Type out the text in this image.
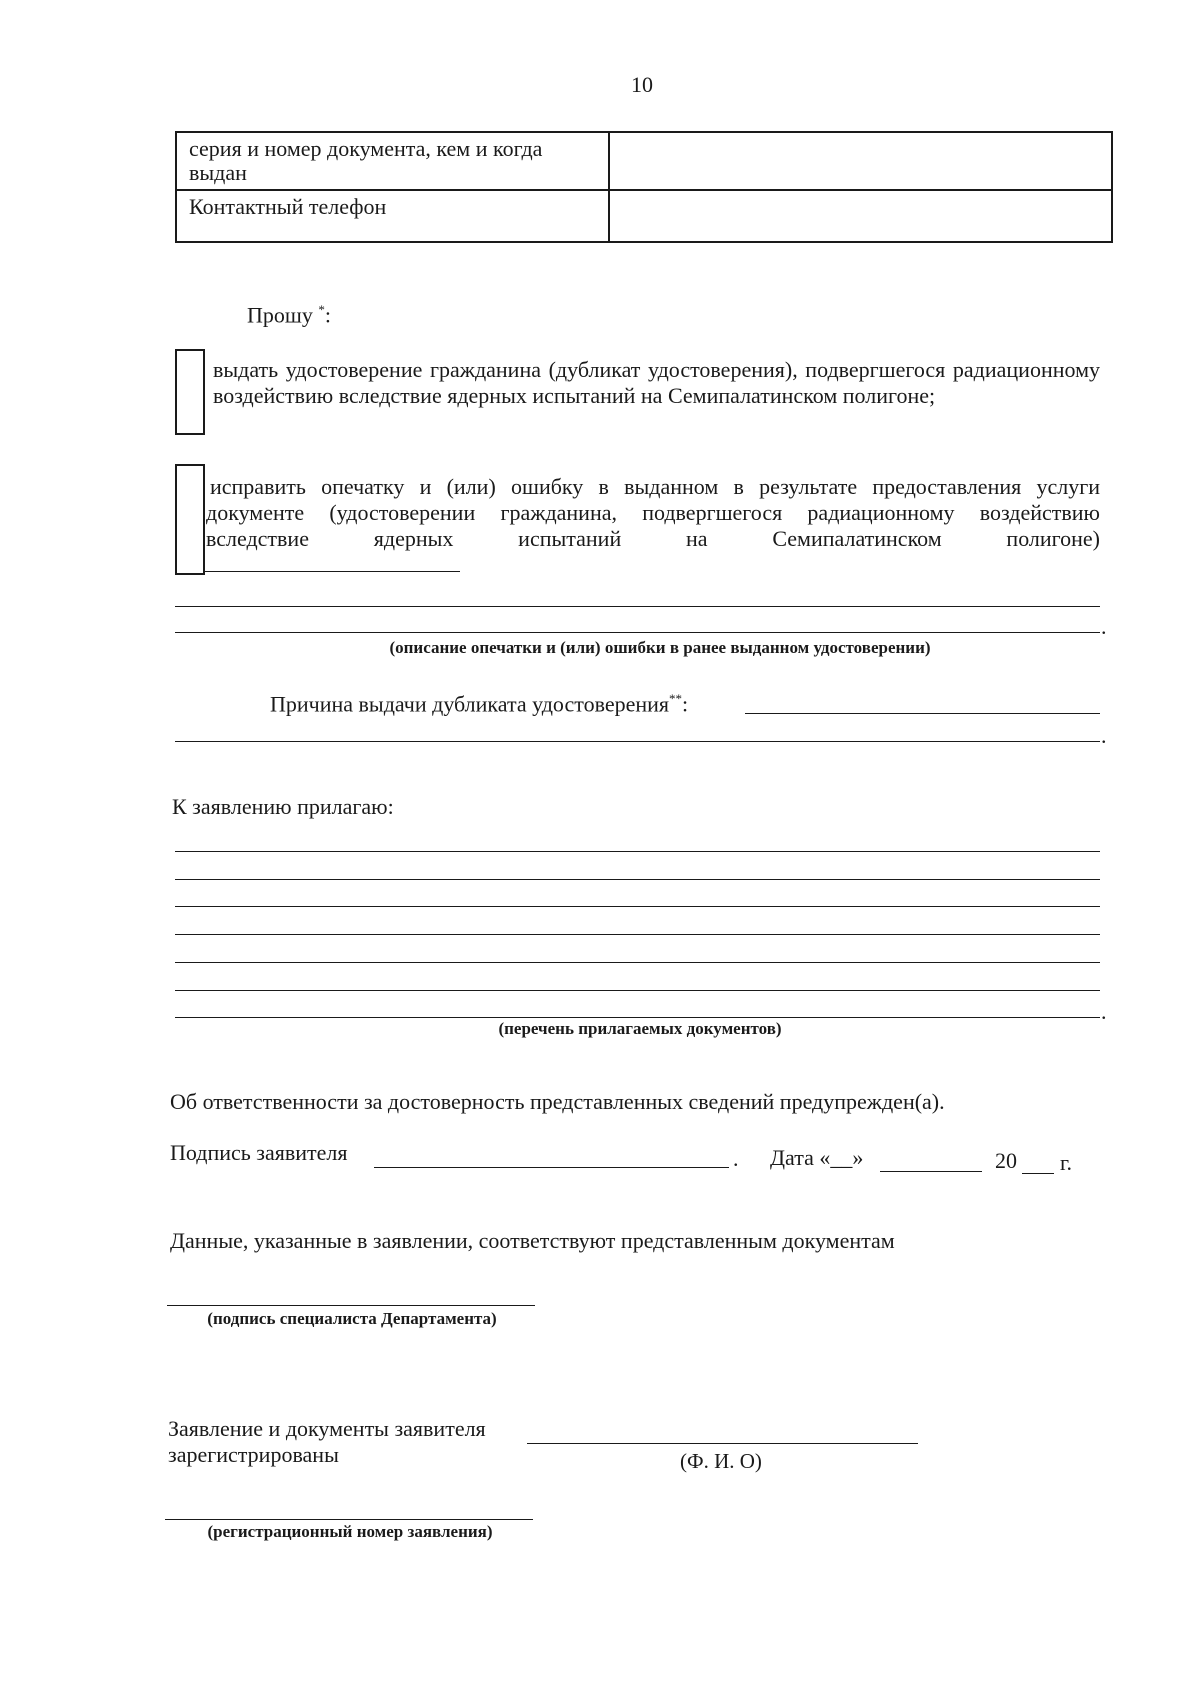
10
серия и номер документа, кем и когда выдан	
Контактный телефон	
Прошу *:
выдать удостоверение гражданина (дубликат удостоверения), подвергшегося радиационному воздействию вследствие ядерных испытаний на Семипалатинском полигоне;
исправить опечатку и (или) ошибку в выданном в результате предоставления услуги
документе (удостоверении гражданина, подвергшегося радиационному воздействию
вследствие ядерных испытаний на Семипалатинском полигоне)
.
(описание опечатки и (или) ошибки в ранее выданном удостоверении)
Причина выдачи дубликата удостоверения**:
.
К заявлению прилагаю:
.
(перечень прилагаемых документов)
Об ответственности за достоверность представленных сведений предупрежден(а).
Подпись заявителя	. Дата «__»	20 г.
Данные, указанные в заявлении, соответствуют представленным документам
(подпись специалиста Департамента)
Заявление и документы заявителя
зарегистрированы	(Ф. И. О)
(регистрационный номер заявления)
